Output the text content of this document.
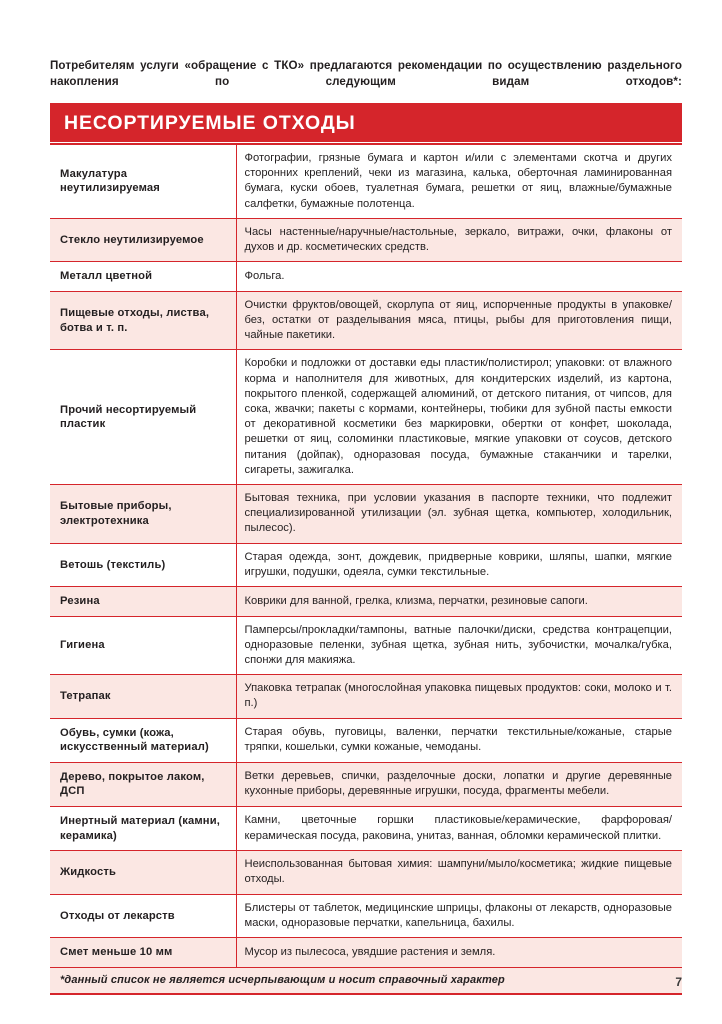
Потребителям услуги «обращение с ТКО» предлагаются рекомендации по осуществлению раздельного накопления по следующим видам отходов*:

НЕСОРТИРУЕМЫЕ ОТХОДЫ
Макулатура неутилизируемая	Фотографии, грязные бумага и картон и/или с элементами скотча и других сторонних креплений, чеки из магазина, калька, оберточная ламинированная бумага, куски обоев, туалетная бумага, решетки от яиц, влажные/бумажные салфетки, бумажные полотенца.
Стекло неутилизируемое	Часы настенные/наручные/настольные, зеркало, витражи, очки, флаконы от духов и др. косметических средств.
Металл цветной	Фольга.
Пищевые отходы, листва, ботва и т. п.	Очистки фруктов/овощей, скорлупа от яиц, испорченные продукты в упаковке/без, остатки от разделывания мяса, птицы, рыбы для приготовления пищи, чайные пакетики.
Прочий несортируемый пластик	Коробки и подложки от доставки еды пластик/полистирол; упаковки: от влажного корма и наполнителя для животных, для кондитерских изделий, из картона, покрытого пленкой, содержащей алюминий, от детского питания, от чипсов, для сока, жвачки; пакеты с кормами, контейнеры, тюбики для зубной пасты емкости от декоративной косметики без маркировки, обертки от конфет, шоколада, решетки от яиц, соломинки пластиковые, мягкие упаковки от соусов, детского питания (дойпак), одноразовая посуда, бумажные стаканчики и тарелки, сигареты, зажигалка.
Бытовые приборы, электротехника	Бытовая техника, при условии указания в паспорте техники, что подлежит специализированной утилизации (эл. зубная щетка, компьютер, холодильник, пылесос).
Ветошь (текстиль)	Старая одежда, зонт, дождевик, придверные коврики, шляпы, шапки, мягкие игрушки, подушки, одеяла, сумки текстильные.
Резина	Коврики для ванной, грелка, клизма, перчатки, резиновые сапоги.
Гигиена	Памперсы/прокладки/тампоны, ватные палочки/диски, средства контрацепции, одноразовые пеленки, зубная щетка, зубная нить, зубочистки, мочалка/губка, спонжи для макияжа.
Тетрапак	Упаковка тетрапак (многослойная упаковка пищевых продуктов: соки, молоко и т. п.)
Обувь, сумки (кожа, искусственный материал)	Старая обувь, пуговицы, валенки, перчатки текстильные/кожаные, старые тряпки, кошельки, сумки кожаные, чемоданы.
Дерево, покрытое лаком, ДСП	Ветки деревьев, спички, разделочные доски, лопатки и другие деревянные кухонные приборы, деревянные игрушки, посуда, фрагменты мебели.
Инертный материал (камни, керамика)	Камни, цветочные горшки пластиковые/керамические, фарфоровая/керамическая посуда, раковина, унитаз, ванная, обломки керамической плитки.
Жидкость	Неиспользованная бытовая химия: шампуни/мыло/косметика; жидкие пищевые отходы.
Отходы от лекарств	Блистеры от таблеток, медицинские шприцы, флаконы от лекарств, одноразовые маски, одноразовые перчатки, капельница, бахилы.
Смет меньше 10 мм	Мусор из пылесоса, увядшие растения и земля.
*данный список не является исчерпывающим и носит справочный характер		7
